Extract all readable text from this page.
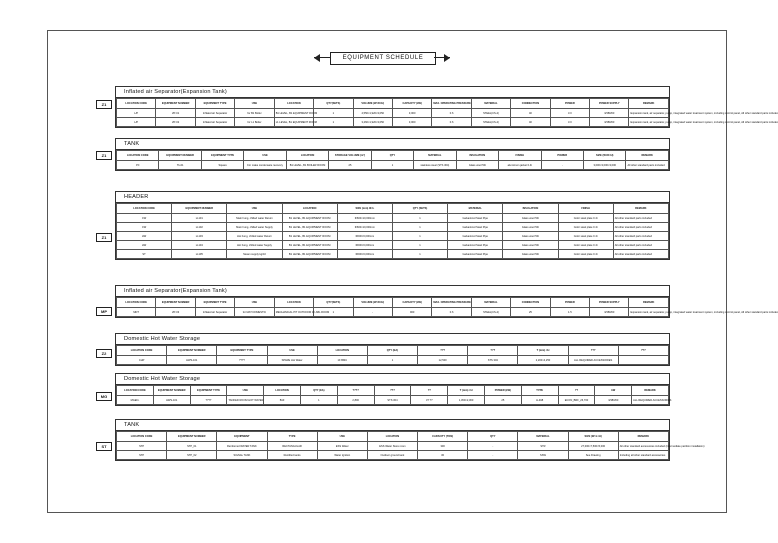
EQUIPMENT SCHEDULE
Z1
Inflated air Separator(Expansion Tank)
LOCATION CODE	EQUIPMENT NUMBER	EQUIPMENT TYPE	USE	LOCATION	QTY(SETS)	VOLUME (W×D×H)	CAPACITY (kW)	MAX. OPERATING PRESSURE	MATERIAL	CONNECTION	POWER	POWER SUPPLY	REMARK
L/P	ZP-01	Inflated air Separator	for B1 Boiler	B1 LEVEL, B1 EQUIPMENT ROOM	1	4,550×1,920×3,050	3,000	0.6	STEEL(CS-2)	40	3.0	3/380/60	Expansion tank, air separator, pump, integrated water treatment system, including control panel, All other standard parts included
L/P	ZP-02	Inflated air Separator	for L1 Boiler	L1 LEVEL, B1 EQUIPMENT ROOM	1	3,260×1,920×3,050	3,000	0.6	STEEL(CS-2)	40	3.0	3/380/60	Expansion tank, air separator, pump, integrated water treatment system, including control panel, All other standard parts included
Z1
TANK
LOCATION CODE	EQUIPMENT NUMBER	EQUIPMENT TYPE	USE	LOCATION	STORAGE VOLUME (m³)	QTY	MATERIAL	INSULATION	FINISH	POWER	SIZE (W×D×H)	REMARK
P/I	Tk-01	Square	For make condensate recovery	B1 LEVEL, B1 BOILER ROOM	25	1	stainless steel (STS 304)	Glass wool 50t	aluminium jacket 0.4t	-	3,000×3,000×3,000	All other standard parts included
Z1
HEADER
LOCATION CODE	EQUIPMENT NUMBER	USE	LOCATION	SIZE (mm) Φ×L	QTY (SETS)	MATERIAL	INSULATION	FINISH	REMARK
CW	H-101	Main hung, chilled water Return	B1 LEVEL, B1 EQUIPMENT ROOM	Φ600×10,000mm	1	Galvanized Steel Pipe	Glass wool 50t	Color steel plate 0.4t	All other standard parts included
CW	H-102	Main hung, chilled water Supply	B1 LEVEL, B1 EQUIPMENT ROOM	Φ600×10,000mm	1	Galvanized Steel Pipe	Glass wool 50t	Color steel plate 0.4t	All other standard parts included
HW	H-103	Hot hung, chilled water Return	B1 LEVEL, B1 EQUIPMENT ROOM	Φ600×6,000mm	1	Galvanized Steel Pipe	Glass wool 50t	Color steel plate 0.4t	All other standard parts included
HW	H-104	Hot hung, chilled water Supply	B1 LEVEL, B1 EQUIPMENT ROOM	Φ600×6,000mm	1	Galvanized Steel Pipe	Glass wool 50t	Color steel plate 0.4t	All other standard parts included
ST	H-105	Steam supply kg/10	B1 LEVEL, B1 EQUIPMENT ROOM	Φ600×6,000mm	1	Galvanized Steel Pipe	Glass wool 50t	Color steel plate 0.4t	All other standard parts included
MP
Inflated air Separator(Expansion Tank)
LOCATION CODE	EQUIPMENT NUMBER	EQUIPMENT TYPE	USE	LOCATION	QTY(SETS)	VOLUME (W×D×H)	CAPACITY (kW)	MAX. OPERATING PRESSURE	MATERIAL	CONNECTION	POWER	POWER SUPPLY	REMARK
MDT	ZP-03	Inflated air Separator	for MAT DOMESTIC	MECHANICAL PIT OUTDOOR 1F ABL ROOM	1	-	900	0.6	STEEL(CS-2)	25	1.5	3/380/60	Expansion tank, air separator, pump, integrated water treatment system, including control panel, All other standard parts included
Z2
Domestic Hot Water Storage
LOCATION CODE	EQUIPMENT NUMBER	EQUIPMENT TYPE	USE	LOCATION	QTY (EA)	???	???	T (mm) ×H	???	???
CHP	HWS-101	????	SPARE Hot Water	1F BMU	1	12,500	STS 304	2,200×4,250	ALL REQUIRED ACCESSORIES	
MG
Domestic Hot Water Storage
LOCATION CODE	EQUIPMENT NUMBER	EQUIPMENT TYPE	USE	LOCATION	QTY (EA)	????	???	??	T (mm) ×H	POWER (kW)	TYPE	??	kW	REMARK
MGEN-	HWS-101	????	TANKED ROOM HOT WATER	B1F	1	2,800	STS 304	37 ??	1,450×2,300	25	H-498	ECON_BRF_26,700	3/380/60	ALL REQUIRED ACCESSORIES
ST
TANK
LOCATION CODE	EQUIPMENT NUMBER	EQUIPMENT	TYPE	USE	LOCATION	CAPACITY (TON)	QTY	MATERIAL	SIZE (W×L×H)	REMARK
STP	STP_01	Reinforced WATER TANK	RECTANGULAR	ESS Water	ESS Water Store room	300	-	STR	27,000×7,500×5,000	All other standard accessories included (intermediate partition installation)
STP	STP_02	SIGNAL TANK	Rectified tanks	Water Ignition	Outdoor ground tank	30	-	SSW	See Drawing	Including all other standard accessories
